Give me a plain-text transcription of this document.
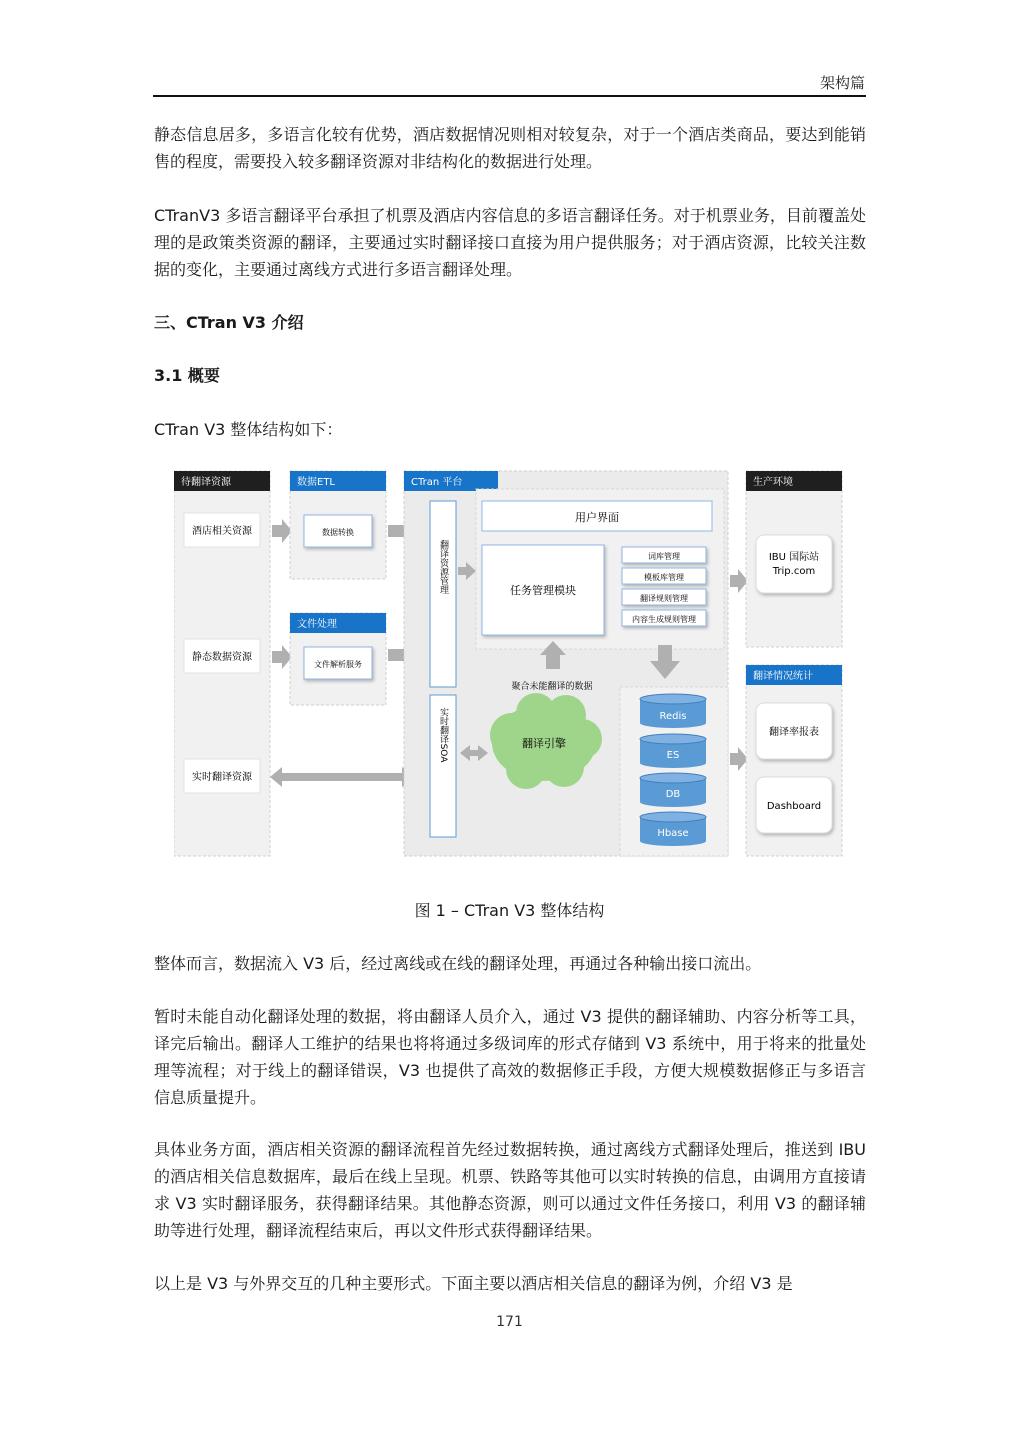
架构篇

静态信息居多，多语言化较有优势，酒店数据情况则相对较复杂，对于一个酒店类商品，要达到能销售的程度，需要投入较多翻译资源对非结构化的数据进行处理。

CTranV3 多语言翻译平台承担了机票及酒店内容信息的多语言翻译任务。对于机票业务，目前覆盖处理的是政策类资源的翻译，主要通过实时翻译接口直接为用户提供服务；对于酒店资源，比较关注数据的变化，主要通过离线方式进行多语言翻译处理。

三、CTran V3 介绍
3.1 概要

CTran V3 整体结构如下：

待翻译资源
酒店相关资源
静态数据资源
实时翻译资源
数据ETL
数据转换
文件处理
文件解析服务
CTran 平台
翻译资源管理
实时翻译SOA
用户界面
任务管理模块
词库管理
模板库管理
翻译规则管理
内容生成规则管理
聚合未能翻译的数据
翻译引擎
Redis
ES
DB
Hbase
生产环境
IBU 国际站
Trip.com
翻译情况统计
翻译率报表
Dashboard
图 1 – CTran V3 整体结构

整体而言，数据流入 V3 后，经过离线或在线的翻译处理，再通过各种输出接口流出。

暂时未能自动化翻译处理的数据，将由翻译人员介入，通过 V3 提供的翻译辅助、内容分析等工具，译完后输出。翻译人工维护的结果也将将通过多级词库的形式存储到 V3 系统中，用于将来的批量处理等流程；对于线上的翻译错误，V3 也提供了高效的数据修正手段，方便大规模数据修正与多语言信息质量提升。

具体业务方面，酒店相关资源的翻译流程首先经过数据转换，通过离线方式翻译处理后，推送到 IBU 的酒店相关信息数据库，最后在线上呈现。机票、铁路等其他可以实时转换的信息，由调用方直接请求 V3 实时翻译服务，获得翻译结果。其他静态资源，则可以通过文件任务接口，利用 V3 的翻译辅助等进行处理，翻译流程结束后，再以文件形式获得翻译结果。

以上是 V3 与外界交互的几种主要形式。下面主要以酒店相关信息的翻译为例，介绍 V3 是

171
